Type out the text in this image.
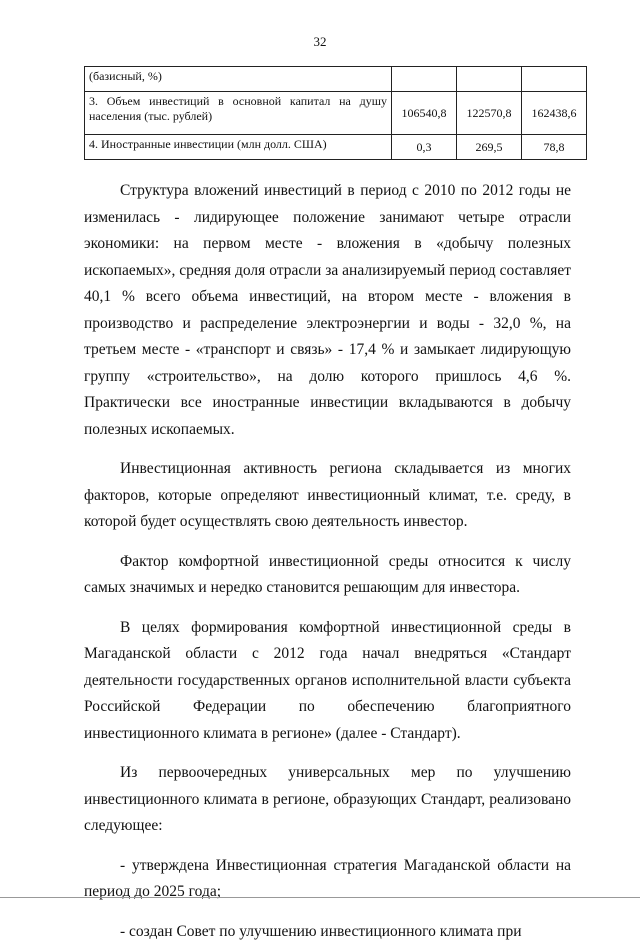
32
(базисный, %)			
3. Объем инвестиций в основной капитал на душу населения (тыс. рублей)	106540,8	122570,8	162438,6
4. Иностранные инвестиции (млн долл. США)	0,3	269,5	78,8

Структура вложений инвестиций в период с 2010 по 2012 годы не изменилась - лидирующее положение занимают четыре отрасли экономики: на первом месте - вложения в «добычу полезных ископаемых», средняя доля отрасли за анализируемый период составляет 40,1 % всего объема инвестиций, на втором месте - вложения в производство и распределение электроэнергии и воды - 32,0 %, на третьем месте - «транспорт и связь» - 17,4 % и замыкает лидирующую группу «строительство», на долю которого пришлось 4,6 %. Практически все иностранные инвестиции вкладываются в добычу полезных ископаемых.

Инвестиционная активность региона складывается из многих факторов, которые определяют инвестиционный климат, т.е. среду, в которой будет осуществлять свою деятельность инвестор.

Фактор комфортной инвестиционной среды относится к числу самых значимых и нередко становится решающим для инвестора.

В целях формирования комфортной инвестиционной среды в Магаданской области с 2012 года начал внедряться «Стандарт деятельности государственных органов исполнительной власти субъекта Российской Федерации по обеспечению благоприятного инвестиционного климата в регионе» (далее - Стандарт).

Из первоочередных универсальных мер по улучшению инвестиционного климата в регионе, образующих Стандарт, реализовано следующее:

- утверждена Инвестиционная стратегия Магаданской области на период до 2025 года;

- создан Совет по улучшению инвестиционного климата при
